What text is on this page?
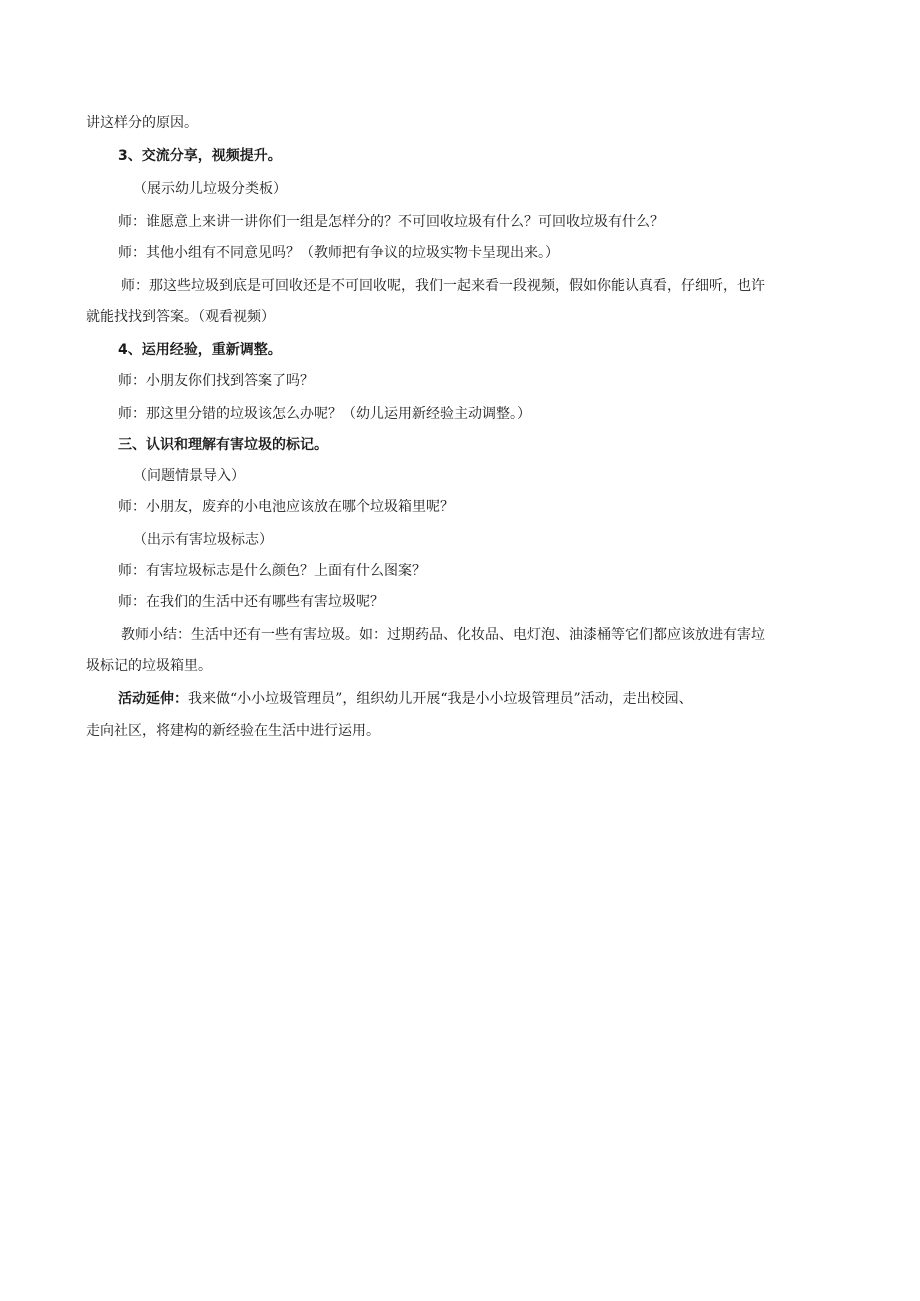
讲这样分的原因。
3、交流分享，视频提升。
（展示幼儿垃圾分类板）
师：谁愿意上来讲一讲你们一组是怎样分的？不可回收垃圾有什么？可回收垃圾有什么？
师：其他小组有不同意见吗？（教师把有争议的垃圾实物卡呈现出来。）
师：那这些垃圾到底是可回收还是不可回收呢，我们一起来看一段视频，假如你能认真看，仔细听，也许
就能找找到答案。（观看视频）
4、运用经验，重新调整。
师：小朋友你们找到答案了吗？
师：那这里分错的垃圾该怎么办呢？（幼儿运用新经验主动调整。）
三、认识和理解有害垃圾的标记。
（问题情景导入）
师：小朋友，废弃的小电池应该放在哪个垃圾箱里呢？
（出示有害垃圾标志）
师：有害垃圾标志是什么颜色？上面有什么图案？
师：在我们的生活中还有哪些有害垃圾呢？
教师小结：生活中还有一些有害垃圾。如：过期药品、化妆品、电灯泡、油漆桶等它们都应该放进有害垃
圾标记的垃圾箱里。
活动延伸：我来做“小小垃圾管理员”，组织幼儿开展“我是小小垃圾管理员”活动，走出校园、
走向社区，将建构的新经验在生活中进行运用。
